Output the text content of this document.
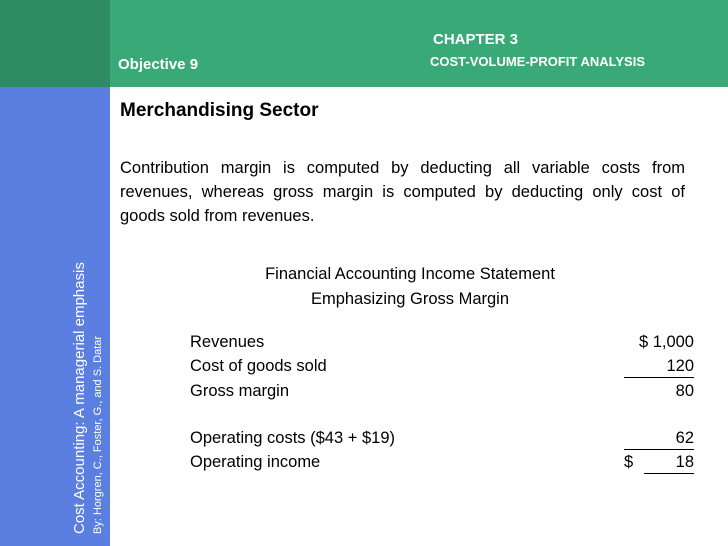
Objective 9
CHAPTER 3
COST-VOLUME-PROFIT ANALYSIS
Cost Accounting: A managerial emphasis By: Horgren, C., Foster, G., and S. Datar
Merchandising Sector
Contribution margin is computed by deducting all variable costs from revenues, whereas gross margin is computed by deducting only cost of goods sold from revenues.
Financial Accounting Income Statement
Emphasizing Gross Margin
Revenues	$ 1,000
Cost of goods sold	120
Gross margin	80
Operating costs ($43 + $19)	62
Operating income	$	18
